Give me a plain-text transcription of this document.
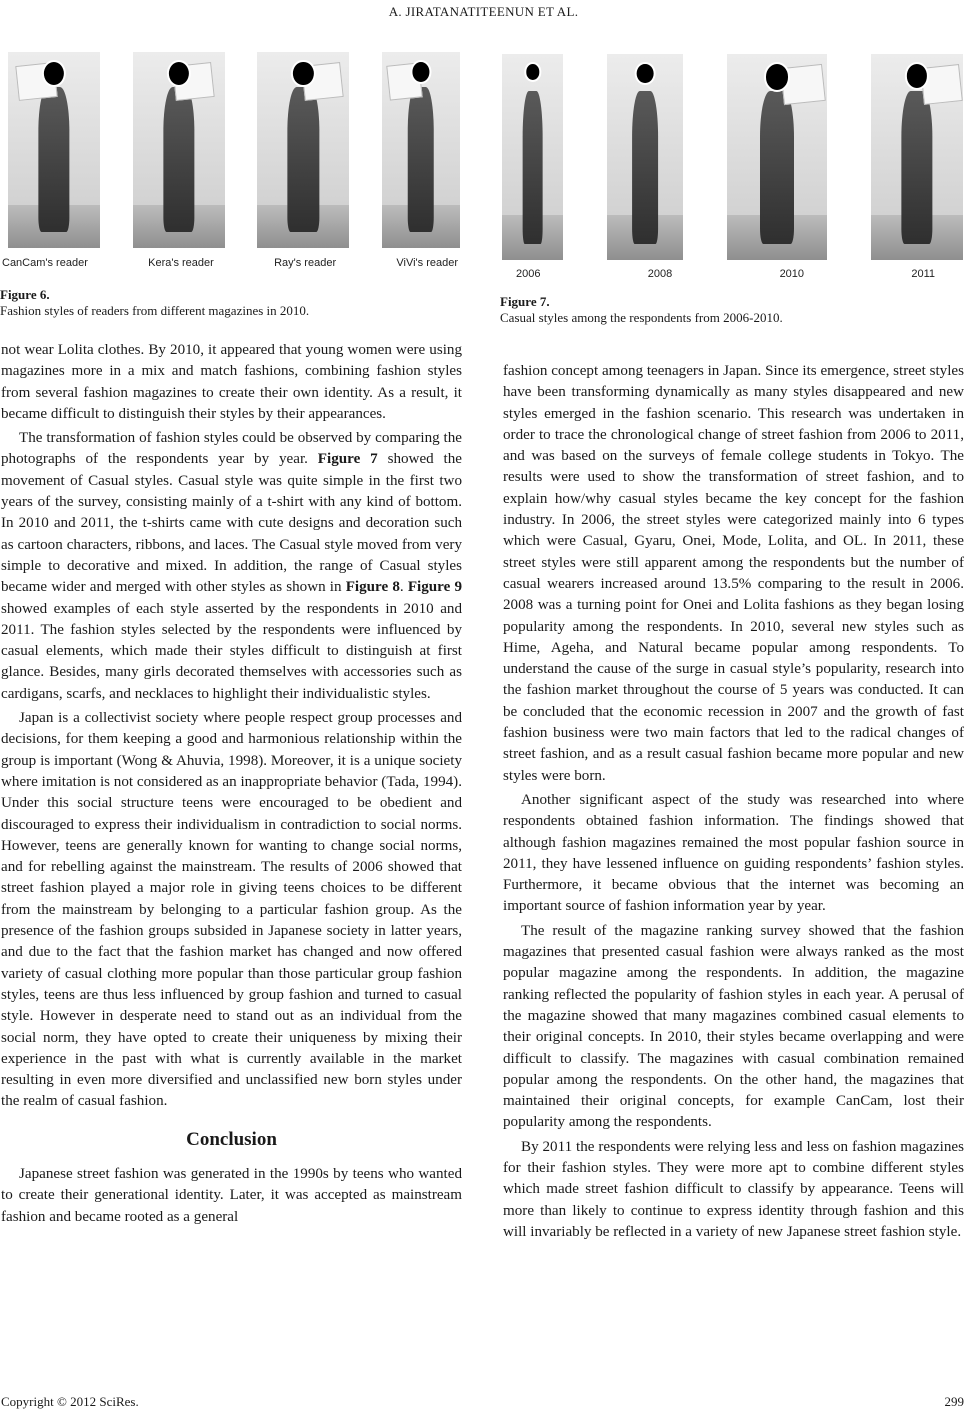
A. JIRATANATITEENUN ET AL.
CanCam's reader	Kera's reader	Ray's reader	ViVi's reader
Figure 6.
Fashion styles of readers from different magazines in 2010.
2006	2008	2010	2011
Figure 7.
Casual styles among the respondents from 2006-2010.

not wear Lolita clothes. By 2010, it appeared that young women were using magazines more in a mix and match fashions, combining fashion styles from several fashion magazines to create their own identity. As a result, it became difficult to distinguish their styles by their appearances.

The transformation of fashion styles could be observed by comparing the photographs of the respondents year by year. Figure 7 showed the movement of Casual styles. Casual style was quite simple in the first two years of the survey, consisting mainly of a t-shirt with any kind of bottom. In 2010 and 2011, the t-shirts came with cute designs and decoration such as cartoon characters, ribbons, and laces. The Casual style moved from very simple to decorative and mixed. In addition, the range of Casual styles became wider and merged with other styles as shown in Figure 8. Figure 9 showed examples of each style asserted by the respondents in 2010 and 2011. The fashion styles selected by the respondents were influenced by casual elements, which made their styles difficult to distinguish at first glance. Besides, many girls decorated themselves with accessories such as cardigans, scarfs, and necklaces to highlight their individualistic styles.

Japan is a collectivist society where people respect group processes and decisions, for them keeping a good and harmonious relationship within the group is important (Wong & Ahuvia, 1998). Moreover, it is a unique society where imitation is not considered as an inappropriate behavior (Tada, 1994). Under this social structure teens were encouraged to be obedient and discouraged to express their individualism in contradiction to social norms. However, teens are generally known for wanting to change social norms, and for rebelling against the mainstream. The results of 2006 showed that street fashion played a major role in giving teens choices to be different from the mainstream by belonging to a particular fashion group. As the presence of the fashion groups subsided in Japanese society in latter years, and due to the fact that the fashion market has changed and now offered variety of casual clothing more popular than those particular group fashion styles, teens are thus less influenced by group fashion and turned to casual style. However in desperate need to stand out as an individual from the social norm, they have opted to create their uniqueness by mixing their experience in the past with what is currently available in the market resulting in even more diversified and unclassified new born styles under the realm of casual fashion.

Conclusion

Japanese street fashion was generated in the 1990s by teens who wanted to create their generational identity. Later, it was accepted as mainstream fashion and became rooted as a general

fashion concept among teenagers in Japan. Since its emergence, street styles have been transforming dynamically as many styles disappeared and new styles emerged in the fashion scenario. This research was undertaken in order to trace the chronological change of street fashion from 2006 to 2011, and was based on the surveys of female college students in Tokyo. The results were used to show the transformation of street fashion, and to explain how/why casual styles became the key concept for the fashion industry. In 2006, the street styles were categorized mainly into 6 types which were Casual, Gyaru, Onei, Mode, Lolita, and OL. In 2011, these street styles were still apparent among the respondents but the number of casual wearers increased around 13.5% comparing to the result in 2006. 2008 was a turning point for Onei and Lolita fashions as they began losing popularity among the respondents. In 2010, several new styles such as Hime, Ageha, and Natural became popular among respondents. To understand the cause of the surge in casual style’s popularity, research into the fashion market throughout the course of 5 years was conducted. It can be concluded that the economic recession in 2007 and the growth of fast fashion business were two main factors that led to the radical changes of street fashion, and as a result casual fashion became more popular and new styles were born.

Another significant aspect of the study was researched into where respondents obtained fashion information. The findings showed that although fashion magazines remained the most popular fashion source in 2011, they have lessened influence on guiding respondents’ fashion styles. Furthermore, it became obvious that the internet was becoming an important source of fashion information year by year.

The result of the magazine ranking survey showed that the fashion magazines that presented casual fashion were always ranked as the most popular magazine among the respondents. In addition, the magazine ranking reflected the popularity of fashion styles in each year. A perusal of the magazine showed that many magazines combined casual elements to their original concepts. In 2010, their styles became overlapping and were difficult to classify. The magazines with casual combination remained popular among the respondents. On the other hand, the magazines that maintained their original concepts, for example CanCam, lost their popularity among the respondents.

By 2011 the respondents were relying less and less on fashion magazines for their fashion styles. They were more apt to combine different styles which made street fashion difficult to classify by appearance. Teens will more than likely to continue to express identity through fashion and this will invariably be reflected in a variety of new Japanese street fashion style.

Copyright © 2012 SciRes.	299
